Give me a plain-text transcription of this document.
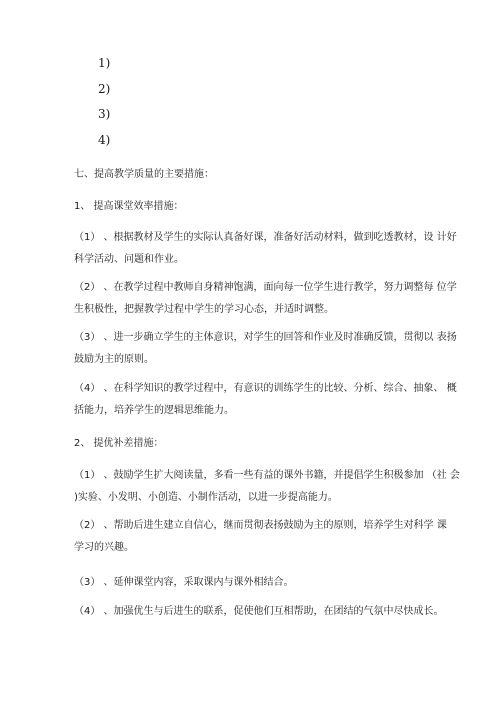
1)
2)
3)
4)
七、提高教学质量的主要措施：
1、 提高课堂效率措施：
（1） 、根据教材及学生的实际认真备好课，准备好活动材料，做到吃透教材，设 计好
科学活动、问题和作业。
（2） 、在教学过程中教师自身精神饱满，面向每一位学生进行教学，努力调整每 位学
生积极性，把握教学过程中学生的学习心态，并适时调整。
（3） 、进一步确立学生的主体意识，对学生的回答和作业及时准确反馈，贯彻以 表扬
鼓励为主的原则。
（4） 、在科学知识的教学过程中，有意识的训练学生的比较、分析、综合、抽象、 概
括能力，培养学生的逻辑思维能力。
2、 提优补差措施：
（1） 、鼓励学生扩大阅读量，多看一些有益的课外书籍，并提倡学生积极参加 （社 会
)实验、小发明、小创造、小制作活动，以进一步提高能力。
（2） 、帮助后进生建立自信心，继而贯彻表扬鼓励为主的原则，培养学生对科学 课
学习的兴趣。
（3） 、延伸课堂内容，采取课内与课外相结合。
（4） 、加强优生与后进生的联系，促使他们互相帮助，在团结的气氛中尽快成长。
